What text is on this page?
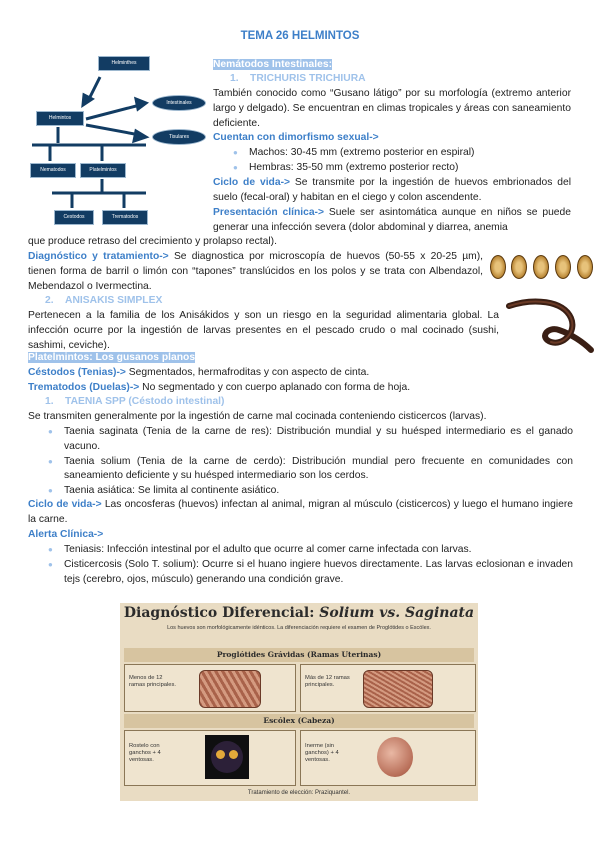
TEMA 26 HELMINTOS
Helminthes
Helmintos
Intestinales
Tisulares
Nematodos	Platelmintos
Cestodos	Trematodos
Nemátodos Intestinales:
1. TRICHURIS TRICHIURA
También conocido como “Gusano látigo” por su morfología (extremo anterior largo y delgado). Se encuentran en climas tropicales y áreas con saneamiento deficiente.
Cuentan con dimorfismo sexual->
● Machos: 30-45 mm (extremo posterior en espiral)
● Hembras: 35-50 mm (extremo posterior recto)
Ciclo de vida-> Se transmite por la ingestión de huevos embrionados del suelo (fecal-oral) y habitan en el ciego y colon ascendente.
Presentación clínica-> Suele ser asintomática aunque en niños se puede generar una infección severa (dolor abdominal y diarrea, anemia
que produce retraso del crecimiento y prolapso rectal).
Diagnóstico y tratamiento-> Se diagnostica por microscopía de huevos (50-55 x 20-25 µm), tienen forma de barril o limón con “tapones” translúcidos en los polos y se trata con Albendazol, Mebendazol o Ivermectina.
2. ANISAKIS SIMPLEX
Pertenecen a la familia de los Anisákidos y son un riesgo en la seguridad alimentaria global. La infección ocurre por la ingestión de larvas presentes en el pescado crudo o mal cocinado (sushi, sashimi, ceviche).
Platelmintos: Los gusanos planos
Céstodos (Tenias)-> Segmentados, hermafroditas y con aspecto de cinta.
Trematodos (Duelas)-> No segmentado y con cuerpo aplanado con forma de hoja.
1. TAENIA SPP (Céstodo intestinal)
Se transmiten generalmente por la ingestión de carne mal cocinada conteniendo cisticercos (larvas).
● Taenia saginata (Tenia de la carne de res): Distribución mundial y su huésped intermediario es el ganado vacuno.
● Taenia solium (Tenia de la carne de cerdo): Distribución mundial pero frecuente en comunidades con saneamiento deficiente y su huésped intermediario son los cerdos.
● Taenia asiática: Se limita al continente asiático.
Ciclo de vida-> Las oncosferas (huevos) infectan al animal, migran al músculo (cisticercos) y luego el humano ingiere la carne.
Alerta Clínica->
● Teniasis: Infección intestinal por el adulto que ocurre al comer carne infectada con larvas.
● Cisticercosis (Solo T. solium): Ocurre si el huano ingiere huevos directamente. Las larvas eclosionan e invaden tejs (cerebro, ojos, músculo) generando una condición grave.
Diagnóstico Diferencial: Solium vs. Saginata
Los huevos son morfológicamente idénticos. La diferenciación requiere el examen de Proglótides o Escólex.
Proglótides Grávidas (Ramas Uterinas)
Menos de 12 ramas principales.
Más de 12 ramas principales.
Escólex (Cabeza)
Rostelo con ganchos + 4 ventosas.
Inerme (sin ganchos) + 4 ventosas.
Tratamiento de elección: Praziquantel.
